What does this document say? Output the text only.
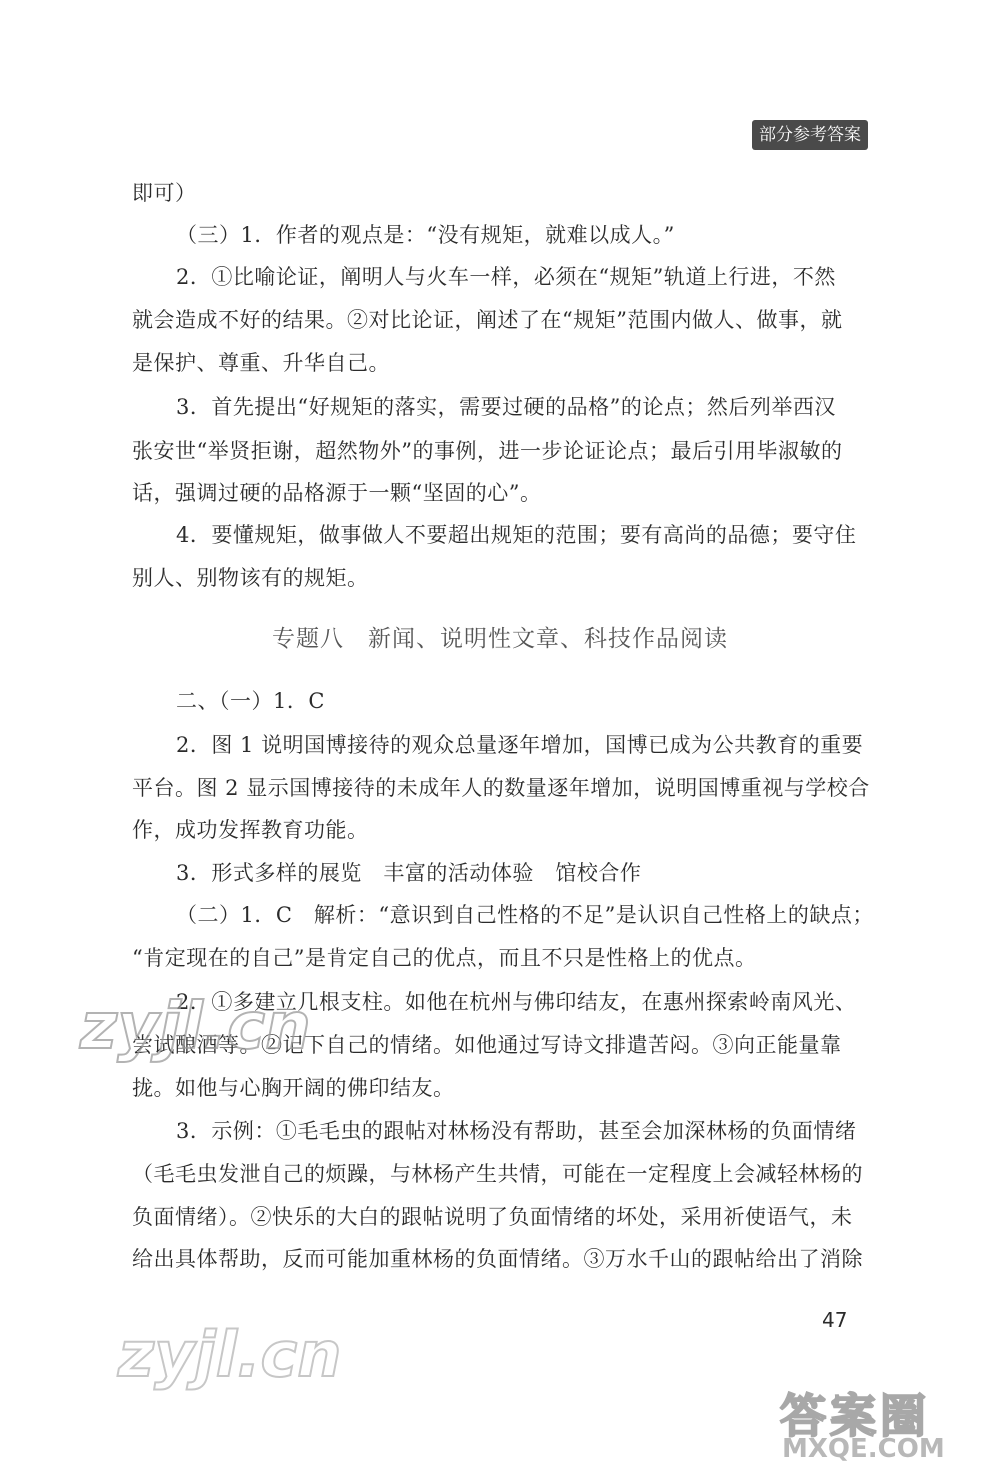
部分参考答案
即可）
（三）1．作者的观点是：“没有规矩，就难以成人。”
2．①比喻论证，阐明人与火车一样，必须在“规矩”轨道上行进，不然
就会造成不好的结果。②对比论证，阐述了在“规矩”范围内做人、做事，就
是保护、尊重、升华自己。
3．首先提出“好规矩的落实，需要过硬的品格”的论点；然后列举西汉
张安世“举贤拒谢，超然物外”的事例，进一步论证论点；最后引用毕淑敏的
话，强调过硬的品格源于一颗“坚固的心”。
4．要懂规矩，做事做人不要超出规矩的范围；要有高尚的品德；要守住
别人、别物该有的规矩。
专题八　新闻、说明性文章、科技作品阅读
二、（一）1．C
2．图 1 说明国博接待的观众总量逐年增加，国博已成为公共教育的重要
平台。图 2 显示国博接待的未成年人的数量逐年增加，说明国博重视与学校合
作，成功发挥教育功能。
3．形式多样的展览　丰富的活动体验　馆校合作
（二）1．C　解析：“意识到自己性格的不足”是认识自己性格上的缺点；
“肯定现在的自己”是肯定自己的优点，而且不只是性格上的优点。
2．①多建立几根支柱。如他在杭州与佛印结友，在惠州探索岭南风光、
尝试酿酒等。②记下自己的情绪。如他通过写诗文排遣苦闷。③向正能量靠
拢。如他与心胸开阔的佛印结友。
3．示例：①毛毛虫的跟帖对林杨没有帮助，甚至会加深林杨的负面情绪
（毛毛虫发泄自己的烦躁，与林杨产生共情，可能在一定程度上会减轻林杨的
负面情绪）。②快乐的大白的跟帖说明了负面情绪的坏处，采用祈使语气，未
给出具体帮助，反而可能加重林杨的负面情绪。③万水千山的跟帖给出了消除
47
zyjl.cn
zyjl.cn
答案圈
MXQE.COM
